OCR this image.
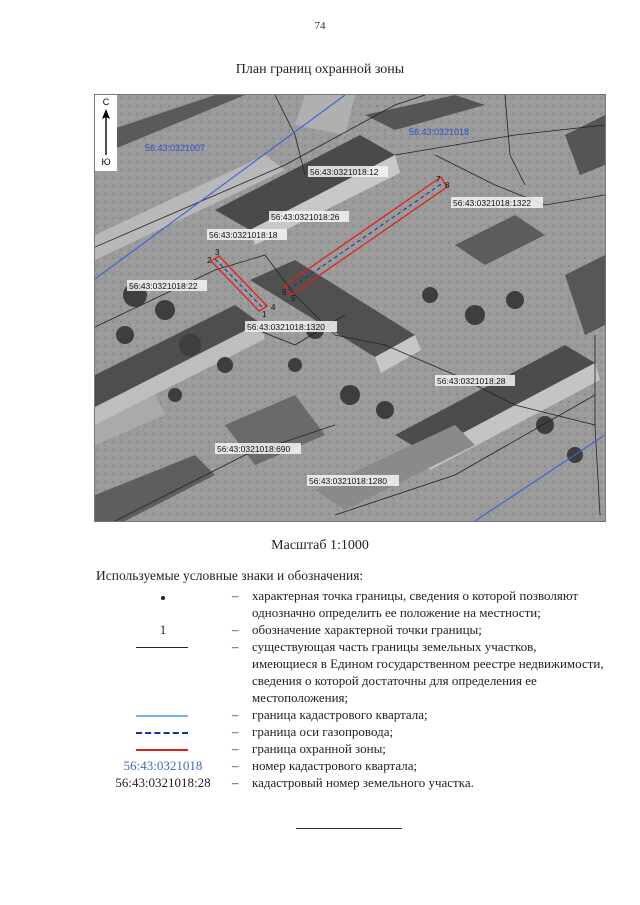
74
План границ охранной зоны
1
2
3
4
5
6
7
8
56:43:0321007
56:43:0321018
56:43:0321018:12
56:43:0321018:26
56:43:0321018:18
56:43:0321018:1322
56:43:0321018:22
56:43:0321018:1320
56:43:0321018:28
56:43:0321018:690
56:43:0321018:1280
С
Ю
Масштаб 1:1000
Используемые условные знаки и обозначения:
–	характерная точка границы, сведения о которой позволяют однозначно определить ее положение на местности;
1	–	обозначение характерной точки границы;
–	существующая часть границы земельных участков, имеющиеся в Едином государственном реестре недвижимости, сведения о которой достаточны для определения ее местоположения;
–	граница кадастрового квартала;
–	граница оси газопровода;
–	граница охранной зоны;
56:43:0321018	–	номер кадастрового квартала;
56:43:0321018:28	–	кадастровый номер земельного участка.
